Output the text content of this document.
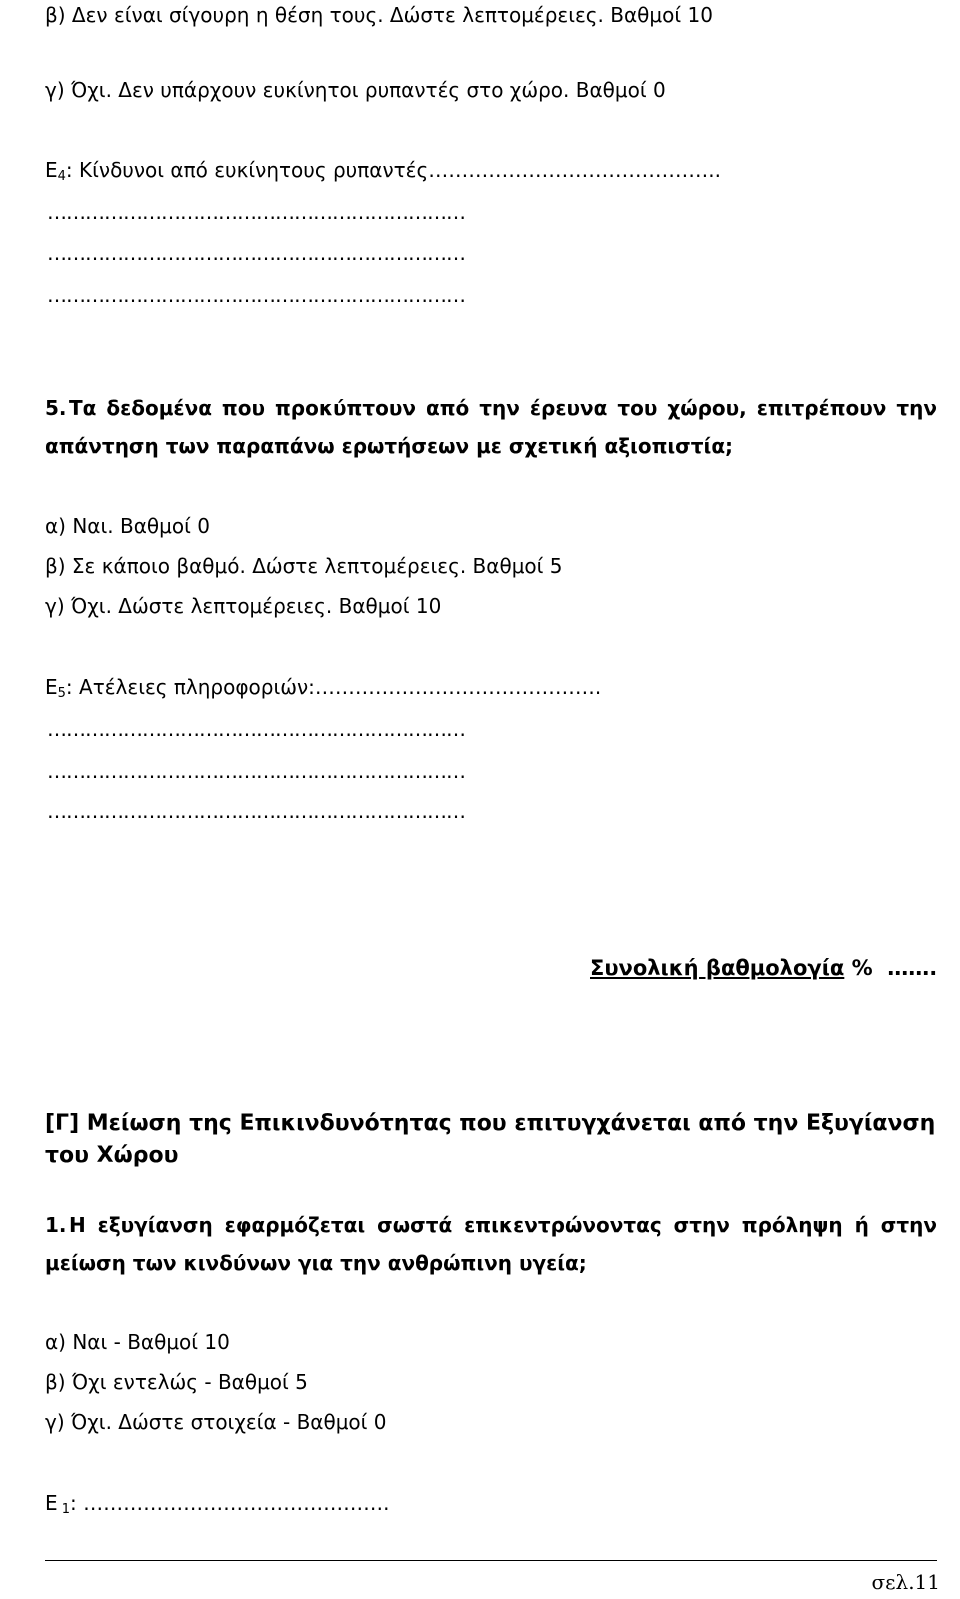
β) Δεν είναι σίγουρη η θέση τους. Δώστε λεπτομέρειες. Βαθμοί 10
γ) Όχι. Δεν υπάρχουν ευκίνητοι ρυπαντές στο χώρο. Βαθμοί 0
$E_4$: Κίνδυνοι από ευκίνητους ρυπαντές……………………………………..
…………………………………………………………
…………………………………………………………
…………………………………………………………
5. Τα δεδομένα που προκύπτουν από την έρευνα του χώρου, επιτρέπουν την απάντηση των παραπάνω ερωτήσεων με σχετική αξιοπιστία;
α) Ναι. Βαθμοί 0
β) Σε κάποιο βαθμό. Δώστε λεπτομέρειες. Βαθμοί 5
γ) Όχι. Δώστε λεπτομέρειες. Βαθμοί 10
$E_5$: Ατέλειες πληροφοριών:…………………………………….
…………………………………………………………
…………………………………………………………
…………………………………………………………
Συνολική βαθμολογία %  …….
[Γ] Μείωση της Επικινδυνότητας που επιτυγχάνεται από την Εξυγίανση του Χώρου
1. Η εξυγίανση εφαρμόζεται σωστά επικεντρώνοντας στην πρόληψη ή στην μείωση των κινδύνων για την ανθρώπινη υγεία;
α) Ναι - Βαθμοί 10
β) Όχι εντελώς - Βαθμοί 5
γ) Όχι. Δώστε στοιχεία - Βαθμοί 0
Ε $_1$: ……………………………………….
σελ.11
